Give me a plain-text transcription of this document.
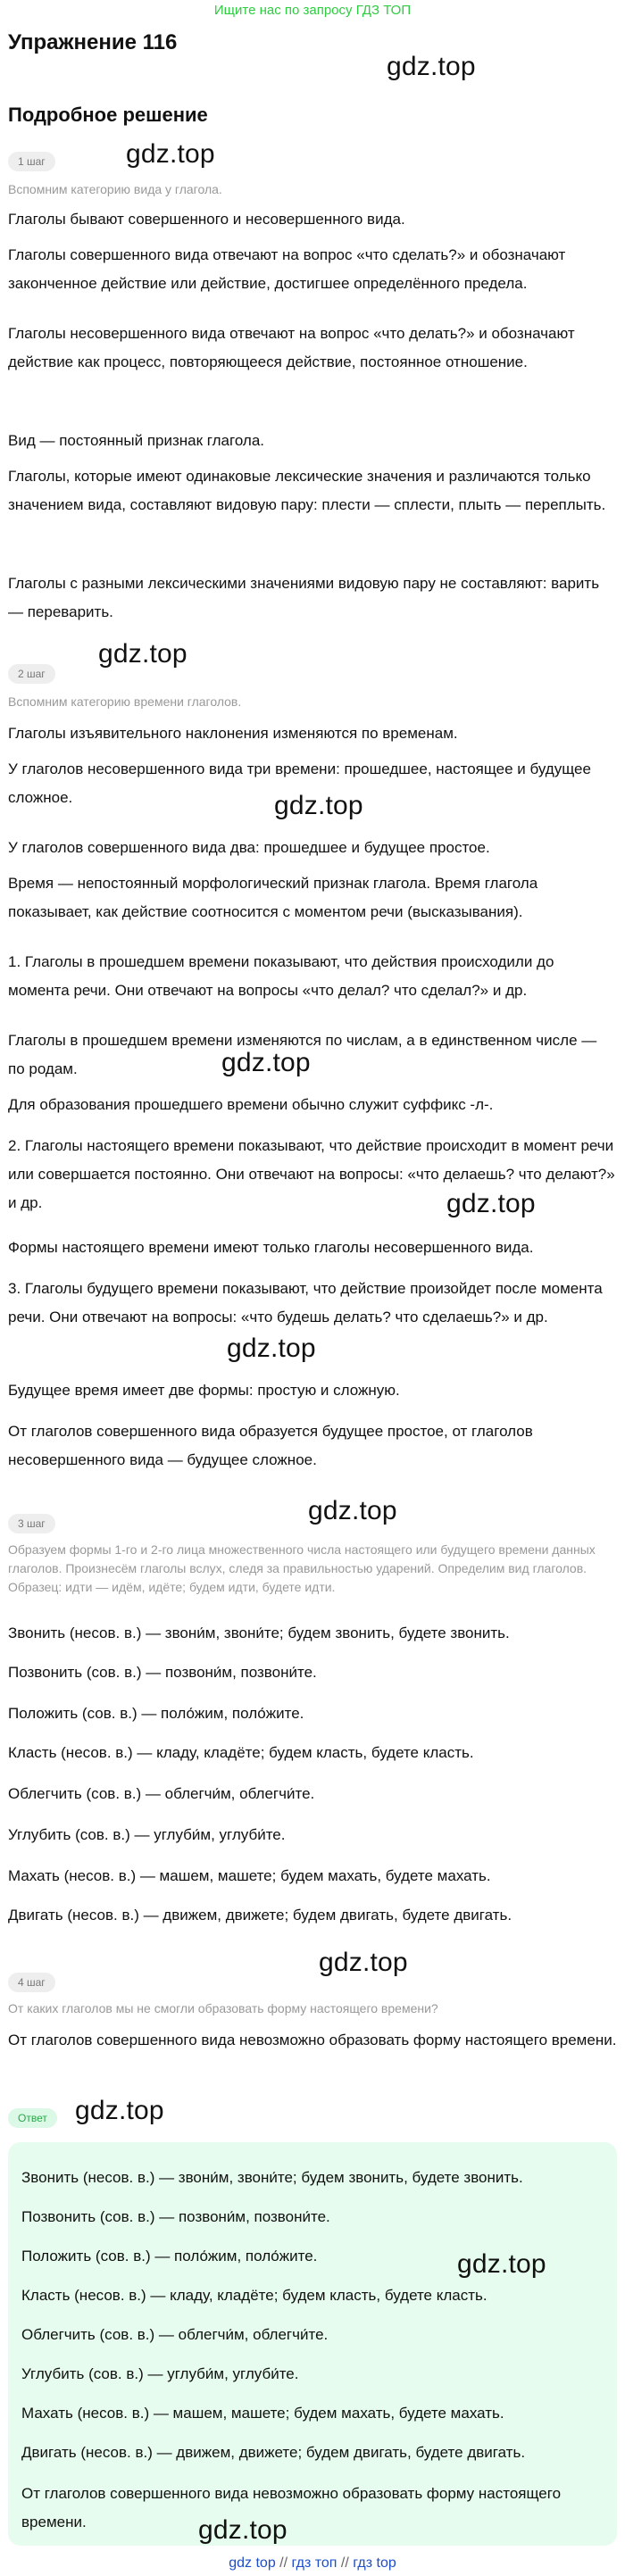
Ищите нас по запросу ГДЗ ТОП
Упражнение 116
gdz.top
Подробное решение
1 шаг	gdz.top
Вспомним категорию вида у глагола.
Глаголы бывают совершенного и несовершенного вида.
Глаголы совершенного вида отвечают на вопрос «что сделать?» и обозначают законченное действие или действие, достигшее определённого предела.
Глаголы несовершенного вида отвечают на вопрос «что делать?» и обозначают действие как процесс, повторяющееся действие, постоянное отношение.
Вид — постоянный признак глагола.
Глаголы, которые имеют одинаковые лексические значения и различаются только значением вида, составляют видовую пару: плести — сплести, плыть — переплыть.
Глаголы с разными лексическими значениями видовую пару не составляют: варить — переварить.
2 шаг
gdz.top
Вспомним категорию времени глаголов.
Глаголы изъявительного наклонения изменяются по временам.
У глаголов несовершенного вида три времени: прошедшее, настоящее и будущее сложное.	gdz.top
У глаголов совершенного вида два: прошедшее и будущее простое.
Время — непостоянный морфологический признак глагола. Время глагола показывает, как действие соотносится с моментом речи (высказывания).
1. Глаголы в прошедшем времени показывают, что действия происходили до момента речи. Они отвечают на вопросы «что делал? что сделал?» и др.
Глаголы в прошедшем времени изменяются по числам, а в единственном числе — по родам.	gdz.top
Для образования прошедшего времени обычно служит суффикс -л-.
2. Глаголы настоящего времени показывают, что действие происходит в момент речи или совершается постоянно. Они отвечают на вопросы: «что делаешь? что делают?» и др.	gdz.top
Формы настоящего времени имеют только глаголы несовершенного вида.
3. Глаголы будущего времени показывают, что действие произойдет после момента речи. Они отвечают на вопросы: «что будешь делать? что сделаешь?» и др.
gdz.top
Будущее время имеет две формы: простую и сложную.
От глаголов совершенного вида образуется будущее простое, от глаголов несовершенного вида — будущее сложное.
3 шаг	gdz.top
Образуем формы 1-го и 2-го лица множественного числа настоящего или будущего времени данных глаголов. Произнесём глаголы вслух, следя за правильностью ударений. Определим вид глаголов. Образец: идти — идём, идёте; будем идти, будете идти.
Звонить (несов. в.) — звони́м, звони́те; будем звонить, будете звонить.
Позвонить (сов. в.) — позвони́м, позвони́те.
Положить (сов. в.) — поло́жим, поло́жите.
Класть (несов. в.) — кладу, кладёте; будем класть, будете класть.
Облегчить (сов. в.) — облегчи́м, облегчи́те.
Углубить (сов. в.) — углуби́м, углуби́те.
Махать (несов. в.) — машем, машете; будем махать, будете махать.
Двигать (несов. в.) — движем, движете; будем двигать, будете двигать.
gdz.top
4 шаг
От каких глаголов мы не смогли образовать форму настоящего времени?
От глаголов совершенного вида невозможно образовать форму настоящего времени.
Ответ	gdz.top
Звонить (несов. в.) — звони́м, звони́те; будем звонить, будете звонить.
Позвонить (сов. в.) — позвони́м, позвони́те.
Положить (сов. в.) — поло́жим, поло́жите.	gdz.top
Класть (несов. в.) — кладу, кладёте; будем класть, будете класть.
Облегчить (сов. в.) — облегчи́м, облегчи́те.
Углубить (сов. в.) — углуби́м, углуби́те.
Махать (несов. в.) — машем, машете; будем махать, будете махать.
Двигать (несов. в.) — движем, движете; будем двигать, будете двигать.
От глаголов совершенного вида невозможно образовать форму настоящего времени.	gdz.top
gdz top // гдз топ // гдз top
